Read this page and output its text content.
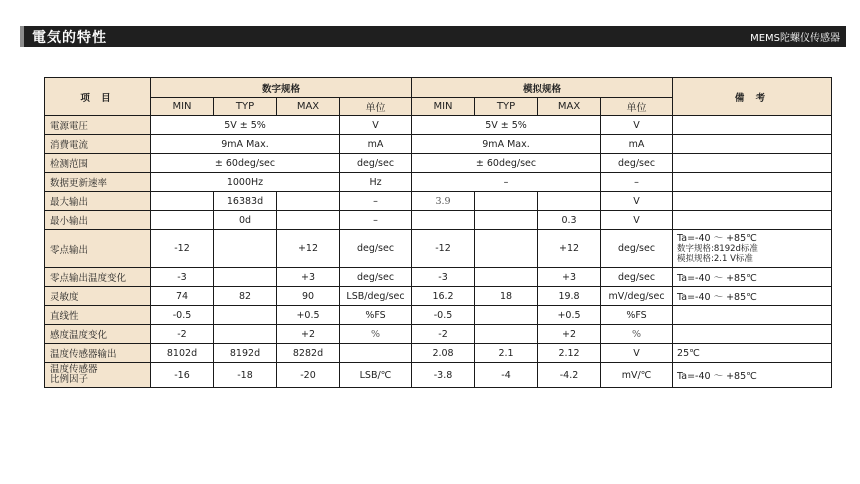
電気的特性	MEMS陀螺仪传感器
项 目	数字规格				模拟规格				備 考
	MIN	TYP	MAX	单位	MIN	TYP	MAX	单位	
電源電圧	5V ± 5%			V	5V ± 5%			V	
消費電流	9mA Max.			mA	9mA Max.			mA	
检测范围	± 60deg/sec			deg/sec	± 60deg/sec			deg/sec	
数据更新速率	1000Hz			Hz	–			–	
最大输出		16383d		–	3.9			V	
最小输出		0d		–			0.3	V	
零点输出	-12		+12	deg/sec	-12		+12	deg/sec	Ta=-40 ～ +85℃
数字规格:8192d标准
模拟规格:2.1 V标准

零点输出温度变化	-3		+3	deg/sec	-3		+3	deg/sec	Ta=-40 ～ +85℃
灵敏度	74	82	90	LSB/deg/sec	16.2	18	19.8	mV/deg/sec	Ta=-40 ～ +85℃
直线性	-0.5		+0.5	%FS	-0.5		+0.5	%FS	
感度温度变化	-2		+2	%	-2		+2	%	
温度传感器输出	8102d	8192d	8282d		2.08	2.1	2.12	V	25℃

温度传感器
比例因子	-16	-18	-20	LSB/℃	-3.8	-4	-4.2	mV/℃	Ta=-40 ～ +85℃
